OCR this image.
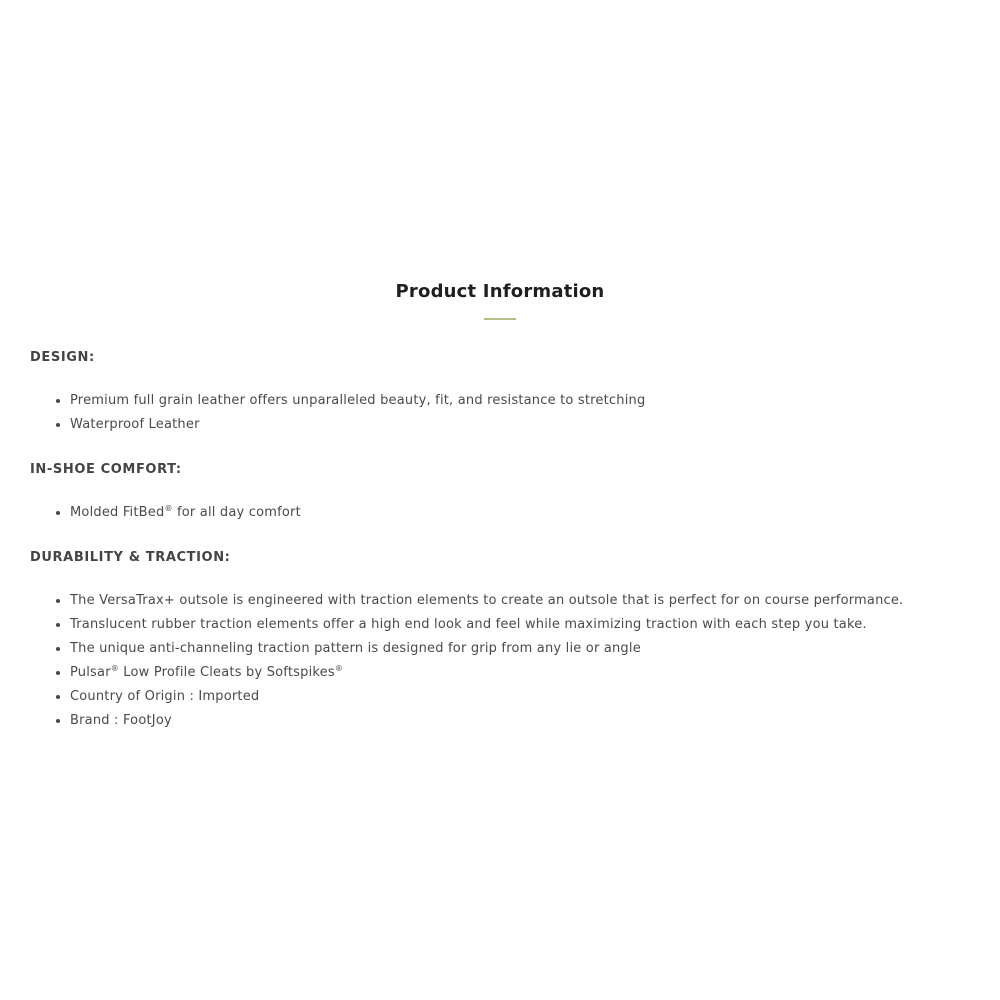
Product Information
DESIGN:
• Premium full grain leather offers unparalleled beauty, fit, and resistance to stretching
• Waterproof Leather
IN-SHOE COMFORT:
• Molded FitBed® for all day comfort
DURABILITY & TRACTION:
• The VersaTrax+ outsole is engineered with traction elements to create an outsole that is perfect for on course performance.
• Translucent rubber traction elements offer a high end look and feel while maximizing traction with each step you take.
• The unique anti-channeling traction pattern is designed for grip from any lie or angle
• Pulsar® Low Profile Cleats by Softspikes®
• Country of Origin : Imported
• Brand : FootJoy
